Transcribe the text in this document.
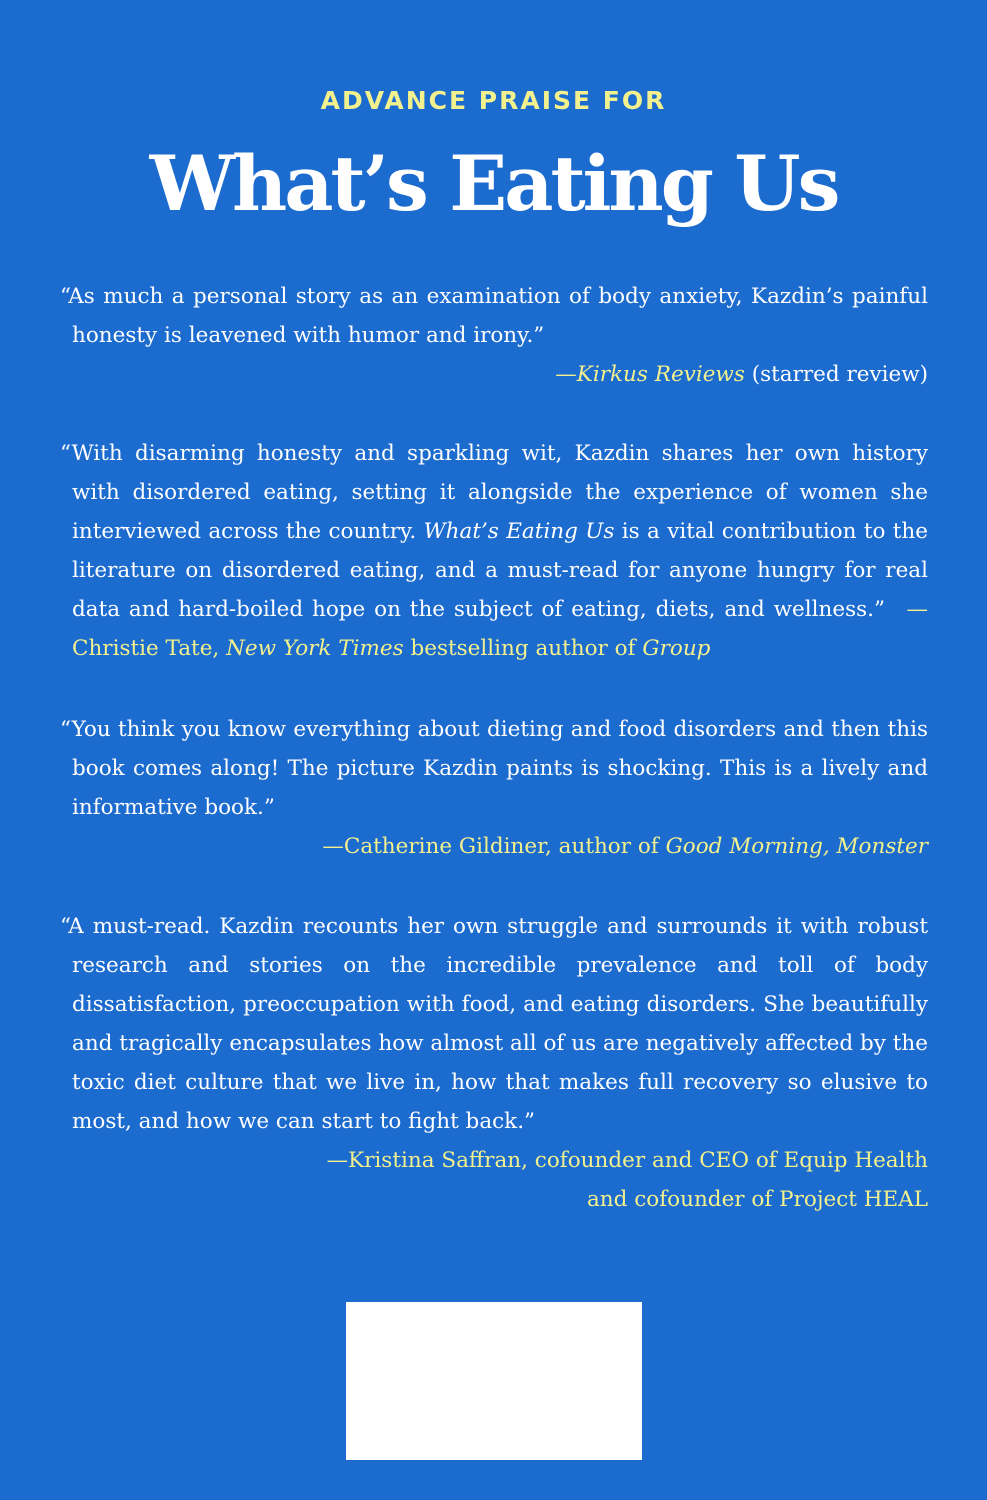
ADVANCE PRAISE FOR
What’s Eating Us

“As much a personal story as an examination of body anxiety, Kazdin’s painful honesty is leavened with humor and irony.”

—Kirkus Reviews (starred review)

“With disarming honesty and sparkling wit, Kazdin shares her own history with disordered eating, setting it alongside the experience of women she interviewed across the country. What’s Eating Us is a vital contribution to the literature on disordered eating, and a must-read for anyone hungry for real data and hard-boiled hope on the subject of eating, diets, and wellness.”  —Christie Tate, New York Times bestselling author of Group

“You think you know everything about dieting and food disorders and then this book comes along! The picture Kazdin paints is shocking. This is a lively and informative book.”

—Catherine Gildiner, author of Good Morning, Monster

“A must-read. Kazdin recounts her own struggle and surrounds it with robust research and stories on the incredible prevalence and toll of body dissatisfaction, preoccupation with food, and eating disorders. She beautifully and tragically encapsulates how almost all of us are negatively affected by the toxic diet culture that we live in, how that makes full recovery so elusive to most, and how we can start to fight back.”

—Kristina Saffran, cofounder and CEO of Equip Health
and cofounder of Project HEAL
